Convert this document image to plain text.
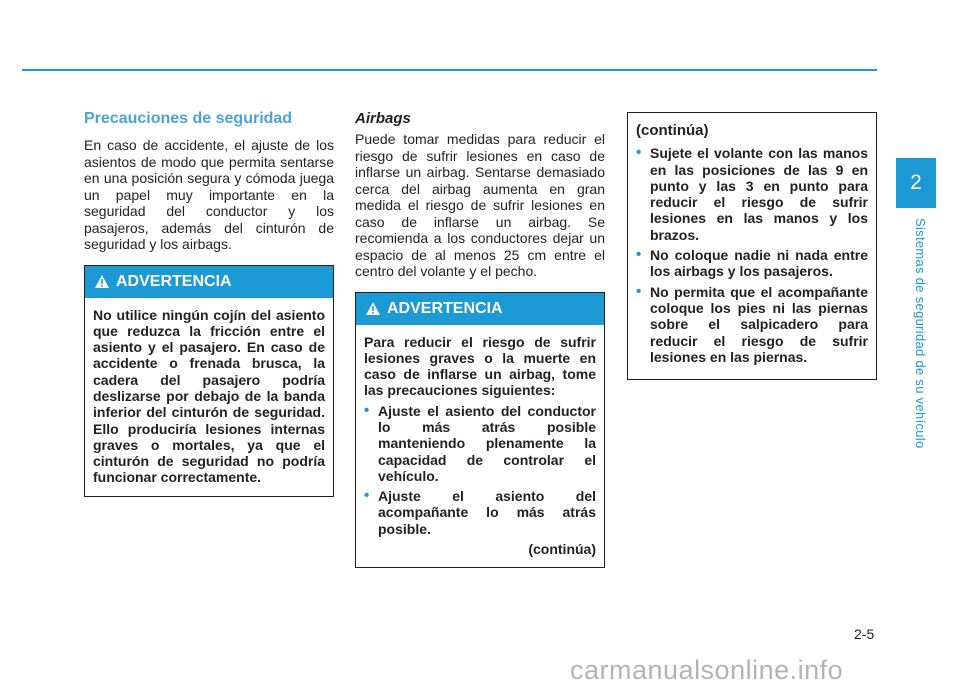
2
Sistemas de seguridad de su vehículo
Precauciones de seguridad

En caso de accidente, el ajuste de los asientos de modo que permita sentarse en una posición segura y cómoda juega un papel muy importante en la seguridad del conductor y los pasajeros, además del cinturón de seguridad y los airbags.

ADVERTENCIA

No utilice ningún cojín del asiento que reduzca la fricción entre el asiento y el pasajero. En caso de accidente o frenada brusca, la cadera del pasajero podría deslizarse por debajo de la banda inferior del cinturón de seguridad. Ello produciría lesiones internas graves o mortales, ya que el cinturón de seguridad no podría funcionar correctamente.

Airbags

Puede tomar medidas para reducir el riesgo de sufrir lesiones en caso de inflarse un airbag. Sentarse demasiado cerca del airbag aumenta en gran medida el riesgo de sufrir lesiones en caso de inflarse un airbag. Se recomienda a los conductores dejar un espacio de al menos 25 cm entre el centro del volante y el pecho.

ADVERTENCIA

Para reducir el riesgo de sufrir lesiones graves o la muerte en caso de inflarse un airbag, tome las precauciones siguientes:

• Ajuste el asiento del conductor lo más atrás posible manteniendo plenamente la capacidad de controlar el vehículo.
• Ajuste el asiento del acompañante lo más atrás posible.
(continúa)

(continúa)

• Sujete el volante con las manos en las posiciones de las 9 en punto y las 3 en punto para reducir el riesgo de sufrir lesiones en las manos y los brazos.
• No coloque nadie ni nada entre los airbags y los pasajeros.
• No permita que el acompañante coloque los pies ni las piernas sobre el salpicadero para reducir el riesgo de sufrir lesiones en las piernas.
2-5
carmanualsonline.info
